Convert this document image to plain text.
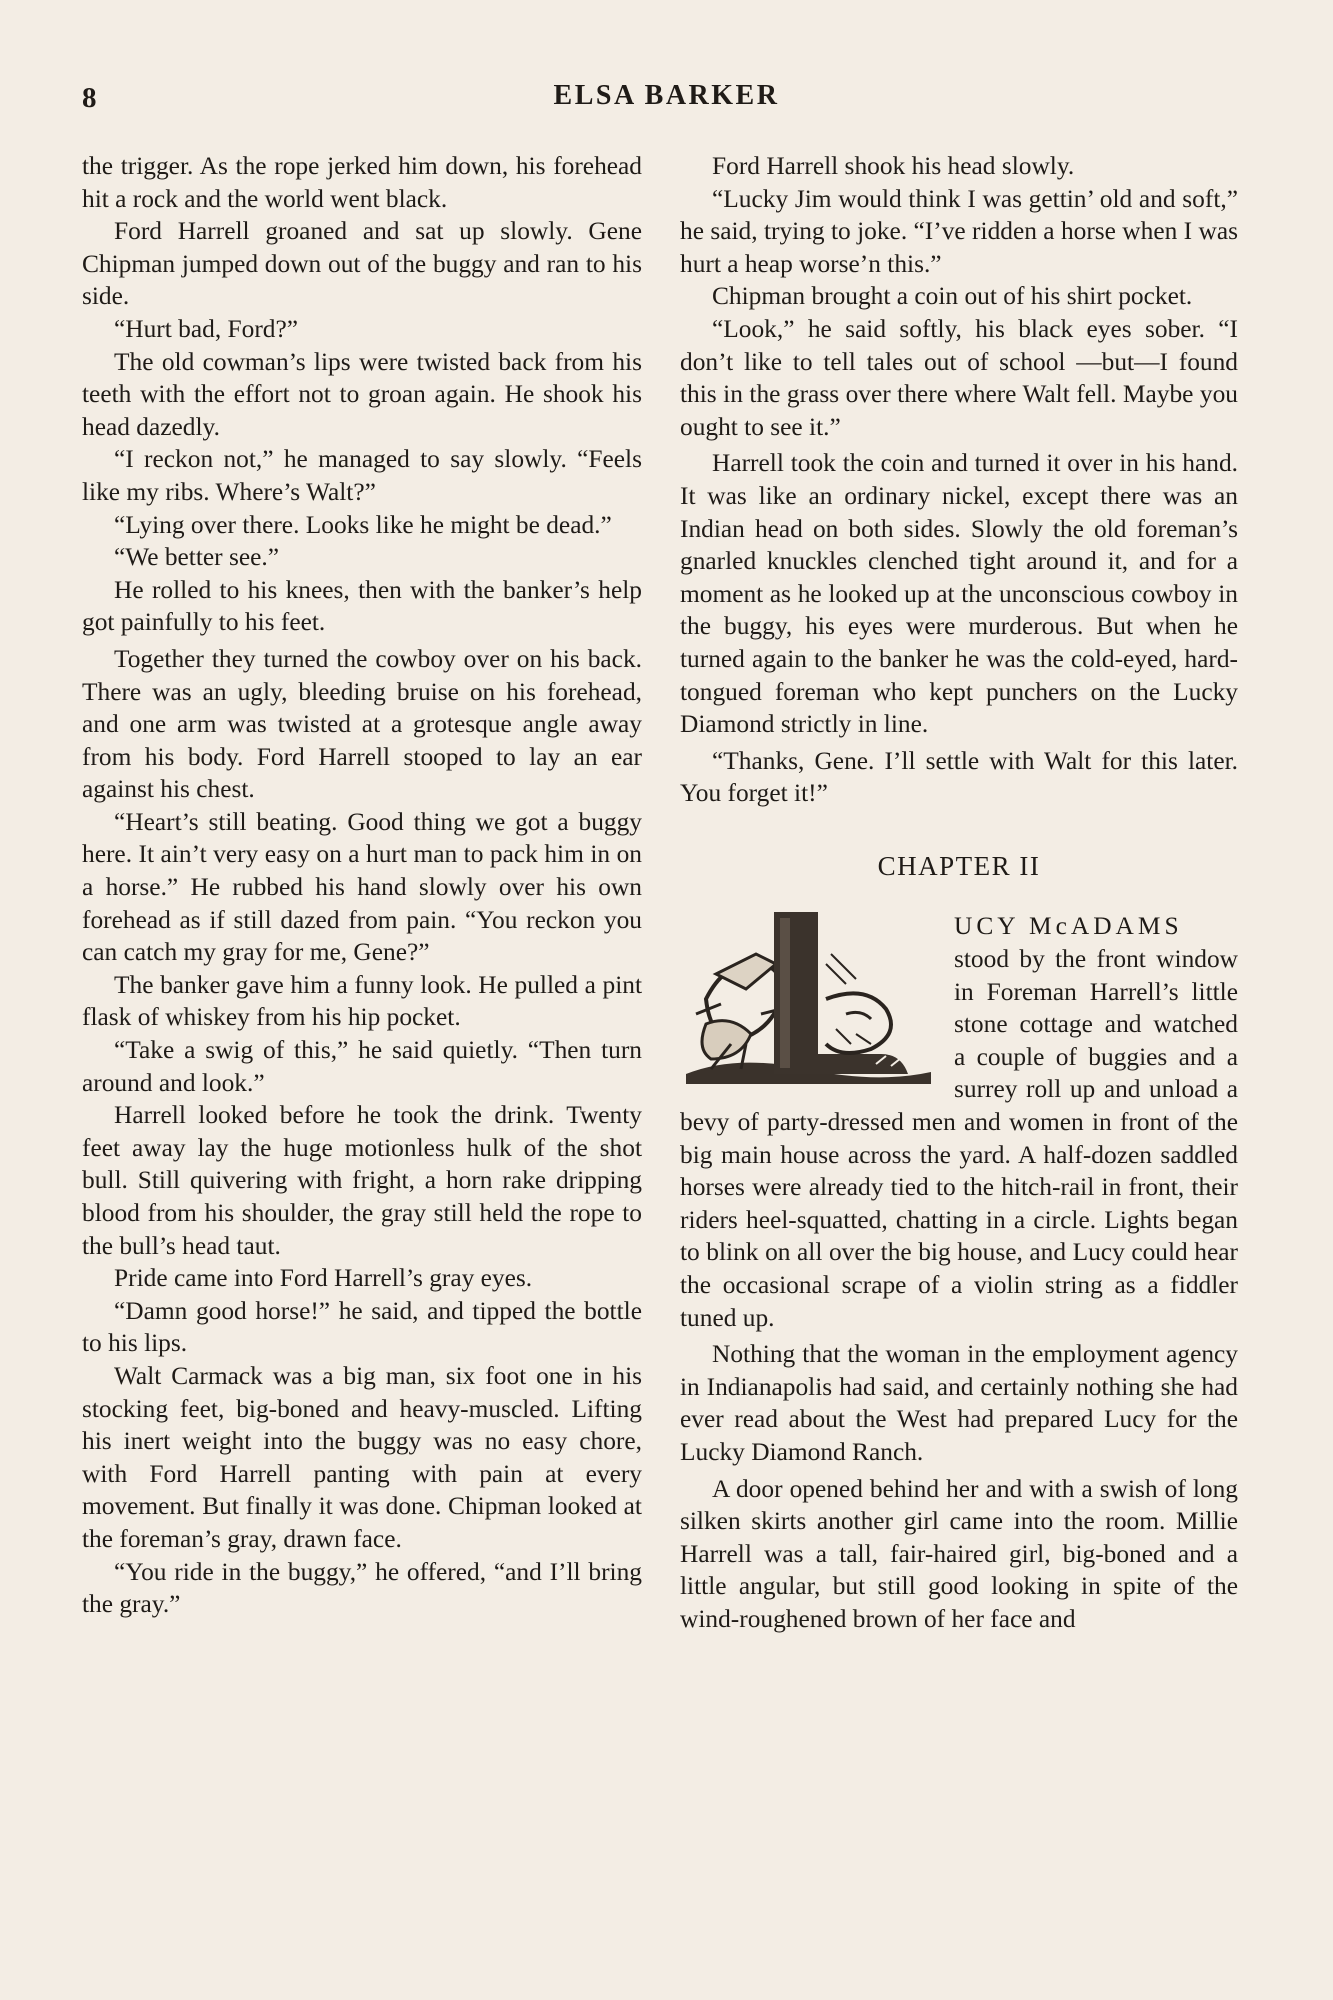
8	ELSA BARKER

the trigger. As the rope jerked him down, his forehead hit a rock and the world went black.

Ford Harrell groaned and sat up slowly. Gene Chipman jumped down out of the buggy and ran to his side.

“Hurt bad, Ford?”

The old cowman’s lips were twisted back from his teeth with the effort not to groan again. He shook his head dazedly.

“I reckon not,” he managed to say slowly. “Feels like my ribs. Where’s Walt?”

“Lying over there. Looks like he might be dead.”

“We better see.”

He rolled to his knees, then with the banker’s help got painfully to his feet.

Together they turned the cowboy over on his back. There was an ugly, bleeding bruise on his forehead, and one arm was twisted at a grotesque angle away from his body. Ford Harrell stooped to lay an ear against his chest.

“Heart’s still beating. Good thing we got a buggy here. It ain’t very easy on a hurt man to pack him in on a horse.” He rubbed his hand slowly over his own forehead as if still dazed from pain. “You reckon you can catch my gray for me, Gene?”

The banker gave him a funny look. He pulled a pint flask of whiskey from his hip pocket.

“Take a swig of this,” he said quietly. “Then turn around and look.”

Harrell looked before he took the drink. Twenty feet away lay the huge motionless hulk of the shot bull. Still quivering with fright, a horn rake dripping blood from his shoulder, the gray still held the rope to the bull’s head taut.

Pride came into Ford Harrell’s gray eyes.

“Damn good horse!” he said, and tipped the bottle to his lips.

Walt Carmack was a big man, six foot one in his stocking feet, big-boned and heavy-muscled. Lifting his inert weight into the buggy was no easy chore, with Ford Harrell panting with pain at every movement. But finally it was done. Chipman looked at the foreman’s gray, drawn face.

“You ride in the buggy,” he offered, “and I’ll bring the gray.”

Ford Harrell shook his head slowly.

“Lucky Jim would think I was gettin’ old and soft,” he said, trying to joke. “I’ve ridden a horse when I was hurt a heap worse’n this.”

Chipman brought a coin out of his shirt pocket.

“Look,” he said softly, his black eyes sober. “I don’t like to tell tales out of school —but—I found this in the grass over there where Walt fell. Maybe you ought to see it.”

Harrell took the coin and turned it over in his hand. It was like an ordinary nickel, except there was an Indian head on both sides. Slowly the old foreman’s gnarled knuckles clenched tight around it, and for a moment as he looked up at the unconscious cowboy in the buggy, his eyes were murderous. But when he turned again to the banker he was the cold-eyed, hard-tongued foreman who kept punchers on the Lucky Diamond strictly in line.

“Thanks, Gene. I’ll settle with Walt for this later. You forget it!”

CHAPTER II

UCY McADAMS
stood by the front window in Foreman Harrell’s little stone cottage and watched a couple of buggies and a surrey roll up and unload a bevy of party-dressed men and women in front of the big main house across the yard. A half-dozen saddled horses were already tied to the hitch-rail in front, their riders heel-squatted, chatting in a circle. Lights began to blink on all over the big house, and Lucy could hear the occasional scrape of a violin string as a fiddler tuned up.

Nothing that the woman in the employment agency in Indianapolis had said, and certainly nothing she had ever read about the West had prepared Lucy for the Lucky Diamond Ranch.

A door opened behind her and with a swish of long silken skirts another girl came into the room. Millie Harrell was a tall, fair-haired girl, big-boned and a little angular, but still good looking in spite of the wind-roughened brown of her face and
